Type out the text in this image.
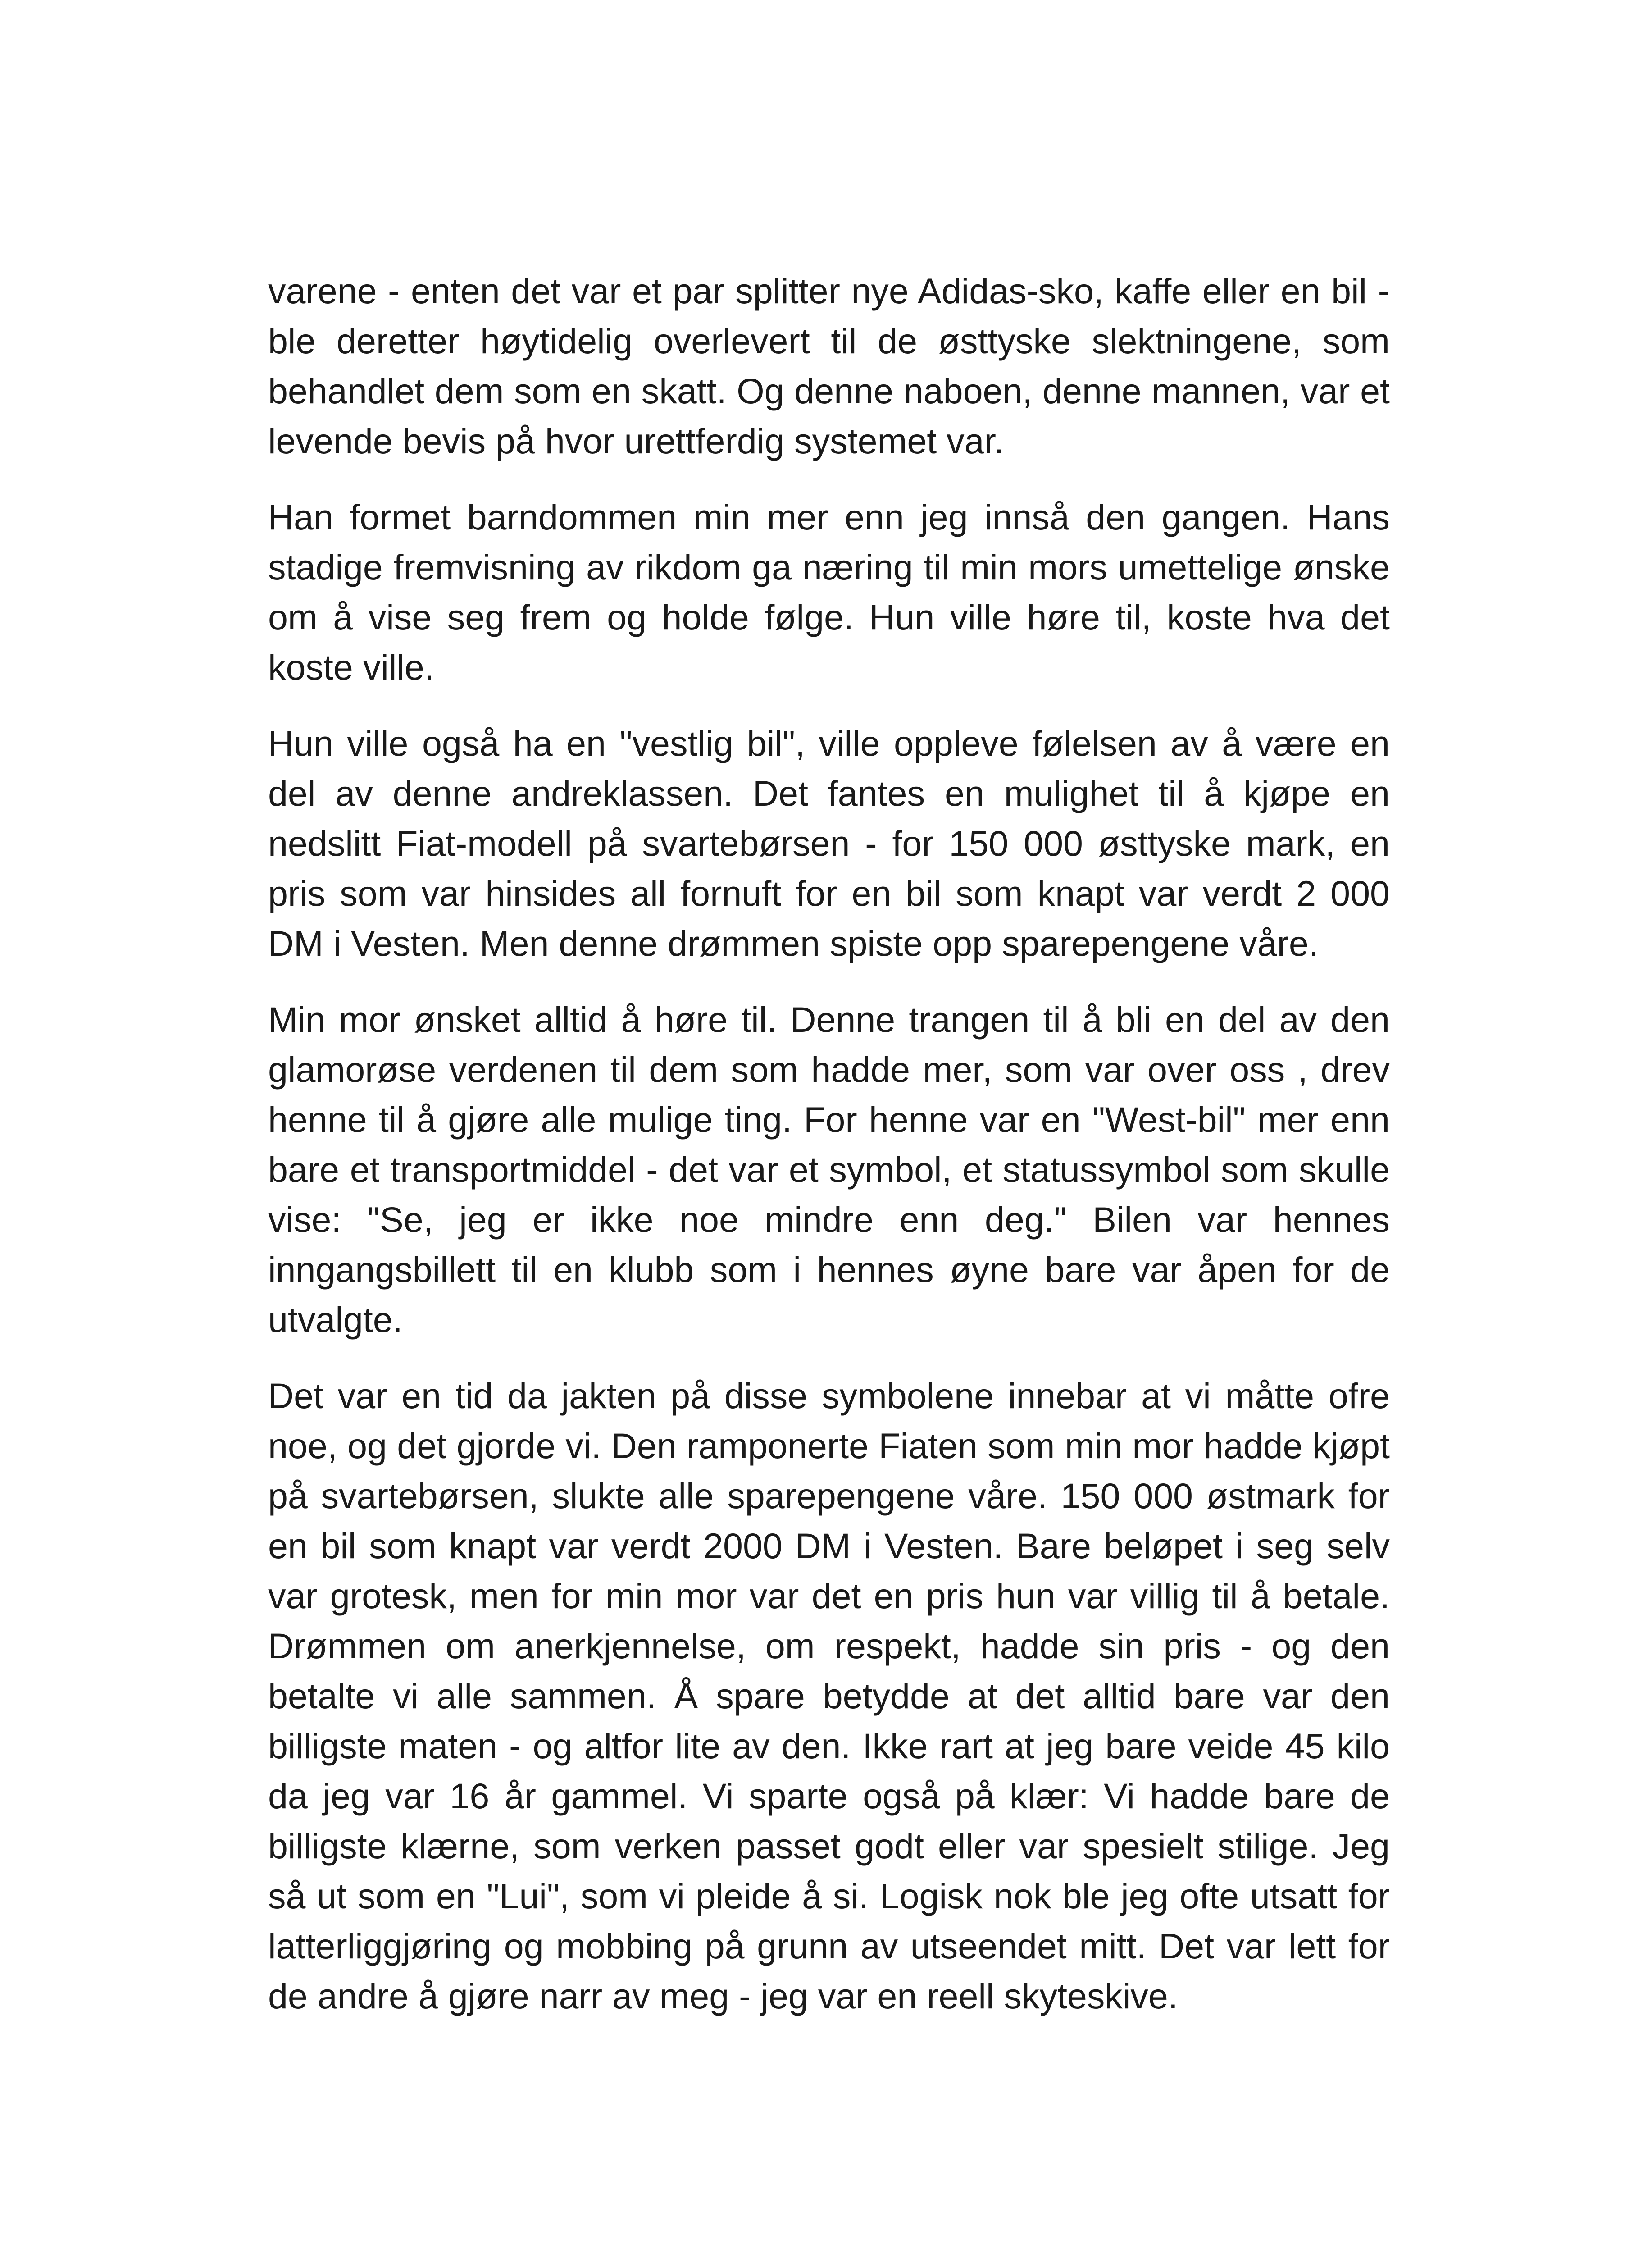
varene - enten det var et par splitter nye Adidas-sko, kaffe eller en bil - ble deretter høytidelig overlevert til de østtyske slektningene, som behandlet dem som en skatt. Og denne naboen, denne mannen, var et levende bevis på hvor urettferdig systemet var.

Han formet barndommen min mer enn jeg innså den gangen. Hans stadige fremvisning av rikdom ga næring til min mors umettelige ønske om å vise seg frem og holde følge. Hun ville høre til, koste hva det koste ville.

Hun ville også ha en "vestlig bil", ville oppleve følelsen av å være en del av denne andreklassen. Det fantes en mulighet til å kjøpe en nedslitt Fiat-modell på svartebørsen - for 150 000 østtyske mark, en pris som var hinsides all fornuft for en bil som knapt var verdt 2 000 DM i Vesten. Men denne drømmen spiste opp sparepengene våre.

Min mor ønsket alltid å høre til. Denne trangen til å bli en del av den glamorøse verdenen til dem som hadde mer, som var over oss , drev henne til å gjøre alle mulige ting. For henne var en "West-bil" mer enn bare et transportmiddel - det var et symbol, et statussymbol som skulle vise: "Se, jeg er ikke noe mindre enn deg." Bilen var hennes inngangsbillett til en klubb som i hennes øyne bare var åpen for de utvalgte.

Det var en tid da jakten på disse symbolene innebar at vi måtte ofre noe, og det gjorde vi. Den ramponerte Fiaten som min mor hadde kjøpt på svartebørsen, slukte alle sparepengene våre. 150 000 østmark for en bil som knapt var verdt 2000 DM i Vesten. Bare beløpet i seg selv var grotesk, men for min mor var det en pris hun var villig til å betale. Drømmen om anerkjennelse, om respekt, hadde sin pris - og den betalte vi alle sammen. Å spare betydde at det alltid bare var den billigste maten - og altfor lite av den. Ikke rart at jeg bare veide 45 kilo da jeg var 16 år gammel. Vi sparte også på klær: Vi hadde bare de billigste klærne, som verken passet godt eller var spesielt stilige. Jeg så ut som en "Lui", som vi pleide å si. Logisk nok ble jeg ofte utsatt for latterliggjøring og mobbing på grunn av utseendet mitt. Det var lett for de andre å gjøre narr av meg - jeg var en reell skyteskive.
